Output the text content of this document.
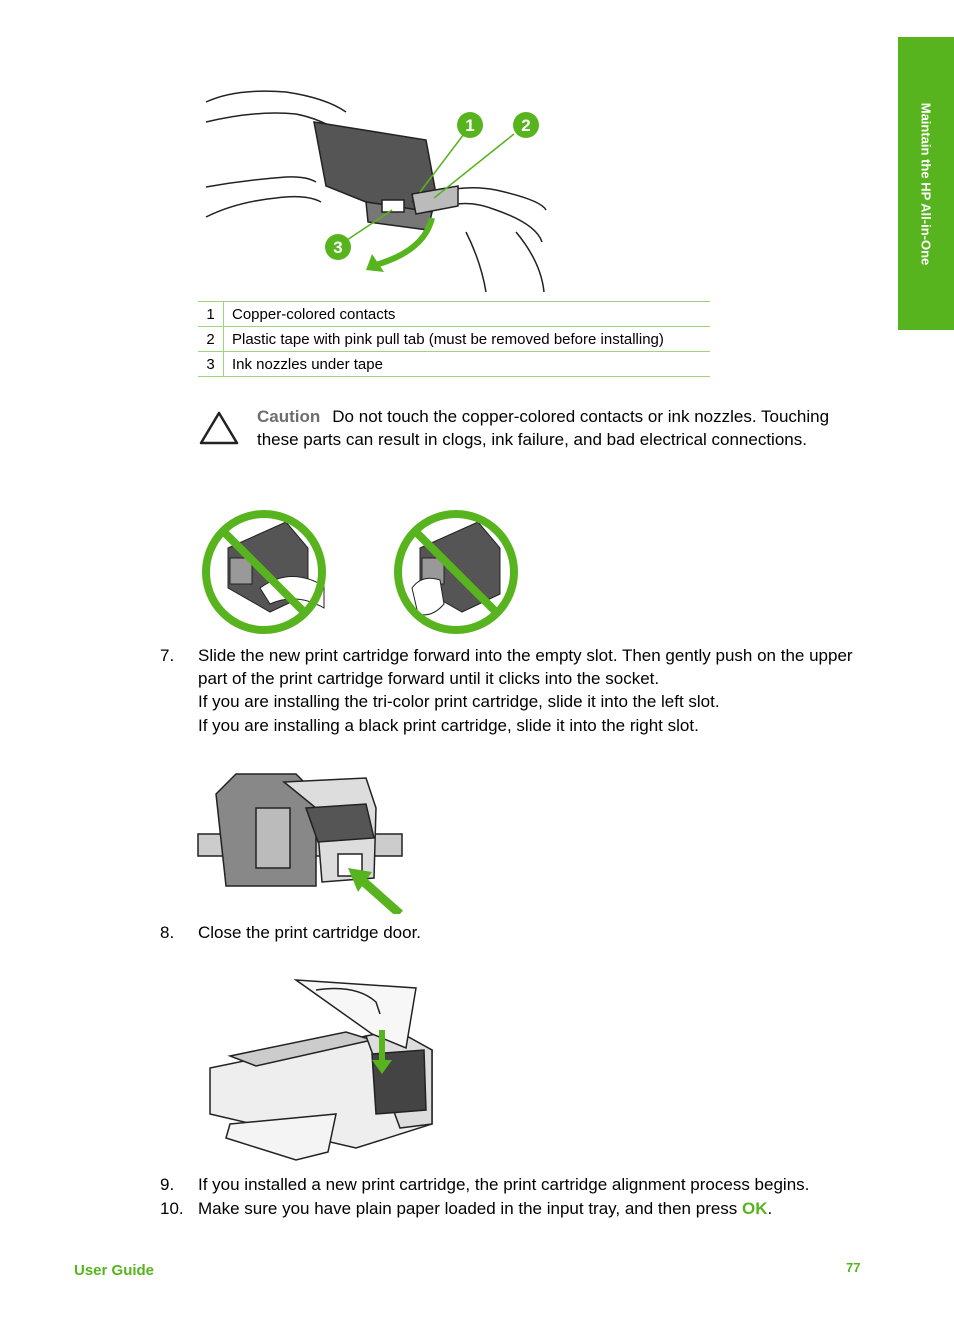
Maintain the HP All-in-One
1	2
3
1	Copper-colored contacts
2	Plastic tape with pink pull tab (must be removed before installing)
3	Ink nozzles under tape
Caution Do not touch the copper-colored contacts or ink nozzles. Touching these parts can result in clogs, ink failure, and bad electrical connections.
7. Slide the new print cartridge forward into the empty slot. Then gently push on the upper part of the print cartridge forward until it clicks into the socket.
If you are installing the tri-color print cartridge, slide it into the left slot.
If you are installing a black print cartridge, slide it into the right slot.
8. Close the print cartridge door.
9. If you installed a new print cartridge, the print cartridge alignment process begins.
10. Make sure you have plain paper loaded in the input tray, and then press OK.
User Guide	77
